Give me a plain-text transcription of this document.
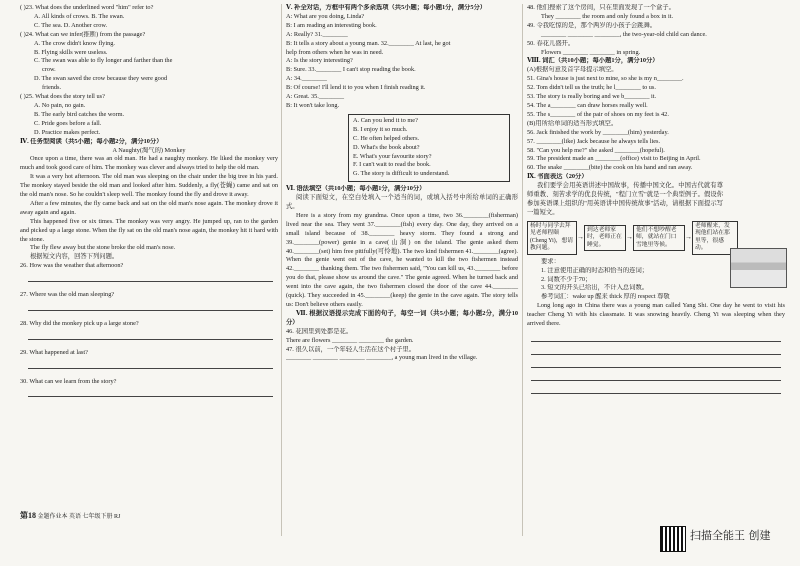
( )23. What does the underlined word "him" refer to?
A. All kinds of crows. B. The swan.
C. The sea. D. Another crow.
( )24. What can we infer(推断) from the passage?
A. The crow didn't know flying.
B. Flying skills were useless.
C. The swan was able to fly longer and farther than the
crow.
D. The swan saved the crow because they were good
friends.
( )25. What does the story tell us?
A. No pain, no gain.
B. The early bird catches the worm.
C. Pride goes before a fall.
D. Practice makes perfect.
Ⅳ. 任务型阅读（共5小题；每小题2分，满分10分）
A Naughty(淘气的) Monkey
Once upon a time, there was an old man. He had a naughty monkey. He liked the monkey very much and took good care of him. The monkey was clever and always tried to help the old man.
It was a very hot afternoon. The old man was sleeping on the chair under the big tree in his yard. The monkey stayed beside the old man and looked after him. Suddenly, a fly(苍蝇) came and sat on the old man's nose. So he couldn't sleep well. The monkey found the fly and drove it away.
After a few minutes, the fly came back and sat on the old man's nose again. The monkey drove it away again and again.
This happened five or six times. The monkey was very angry. He jumped up, ran to the garden and picked up a large stone. When the fly sat on the old man's nose again, the monkey hit it hard with the stone.
The fly flew away but the stone broke the old man's nose.
根据短文内容，回答下列问题。
26. How was the weather that afternoon?
27. Where was the old man sleeping?
28. Why did the monkey pick up a large stone?
29. What happened at last?
30. What can we learn from the story?
Ⅴ. 补全对话，方框中有两个多余选项（共5小题；每小题1分，满分5分）
A: What are you doing, Linda?
B: I am reading an interesting book.
A: Really? 31.________
B: It tells a story about a young man. 32.________ At last, he got
help from others when he was in need.
A: Is the story interesting?
B: Sure. 33.________ I can't stop reading the book.
A: 34.________
B: Of course! I'll lend it to you when I finish reading it.
A: Great. 35.________
B: It won't take long.
A. Can you lend it to me?
B. I enjoy it so much.
C. He often helped others.
D. What's the book about?
E. What's your favourite story?
F. I can't wait to read the book.
G. The story is difficult to understand.
Ⅵ. 语法填空（共10小题；每小题1分，满分10分）
阅读下面短文，在空白处填入一个适当的词，或填入括号中所给单词的正确形式。
Here is a story from my grandma. Once upon a time, two 36.________(fisherman) lived near the sea. They went 37.________(fish) every day. One day, they arrived on a small island because of 38.________ heavy storm. They found a strong and 39.________(power) genie in a cave(山洞) on the island. The genie asked them 40.________(set) him free pitifully(可怜地). The two kind fishermen 41.________(agree). When the genie went out of the cave, he wanted to kill the two fishermen instead 42.________ thanking them. The two fishermen said, "You can kill us, 43.________ before you do that, please show us around the cave." The genie agreed. When he turned back and went into the cave again, the two fishermen closed the door of the cave 44.________ (quick). They succeeded in 45.________(keep) the genie in the cave again. The story tells us: Don't believe others easily.
Ⅶ. 根据汉语提示完成下面的句子，每空一词（共5小题；每小题2分，满分10分）
46. 花园里到处都是花。
There are flowers ________ ________ the garden.
47. 很久以前，一个年轻人生活在这个村子里。
________ ________ ________ ________, a young man lived in the village.
48. 他们搜索了这个房间，只在里面发现了一个盒子。
They ________ the room and only found a box in it.
49. 令我吃惊的是，那个两岁的小孩子会跳舞。
________ ________ ________, the two-year-old child can dance.
50. 春花儿盛开。
Flowers ________ ________ in spring.
Ⅷ. 词汇（共10小题；每小题1分，满分10分）
(A)根据句意及首字母提示填空。
51. Gina's house is just next to mine, so she is my n________.
52. Tom didn't tell us the truth; he l________ to us.
53. The story is really boring and we b________ it.
54. The a________ can draw horses really well.
55. The s________ of the pair of shoes on my feet is 42.
(B)用所给单词的适当形式填空。
56. Jack finished the work by ________(him) yesterday.
57. ________(like) Jack because he always tells lies.
58. "Can you help me?" she asked ________(hopeful).
59. The president made an ________(office) visit to Beijing in April.
60. The snake ________(bite) the cook on his hand and ran away.
Ⅸ. 书面表达（20分）
我们要学会用英语讲述中国故事，传播中国文化。中国古代就有尊师重教、刻苦求学的优良传统，"程门立雪"就是一个典型例子。假设你参加英语课上组织的"用英语讲中国传统故事"活动，请根据下面提示写一篇短文。
杨时与同学去拜见老师程颐(Cheng Yi)，想请教问题。
→
到达老师家时，老师正在睡觉。
→
他们不想吵醒老师，就站在门口雪地里等候。
→
老师醒来，发现他们站在那里等，很感动。
要求：
1. 注意使用正确的时态和恰当的连词；
2. 词数不少于70；
3. 短文的开头已给出，不计入总词数。
参考词汇：wake up 醒来 thick 厚的 respect 尊敬
Long long ago in China there was a young man called Yang Shi. One day he went to visit his teacher Cheng Yi with his classmate. It was snowing heavily. Cheng Yi was sleeping when they arrived there.
第18 金题作业本 英语 七年级下册 RJ
扫描全能王 创建
